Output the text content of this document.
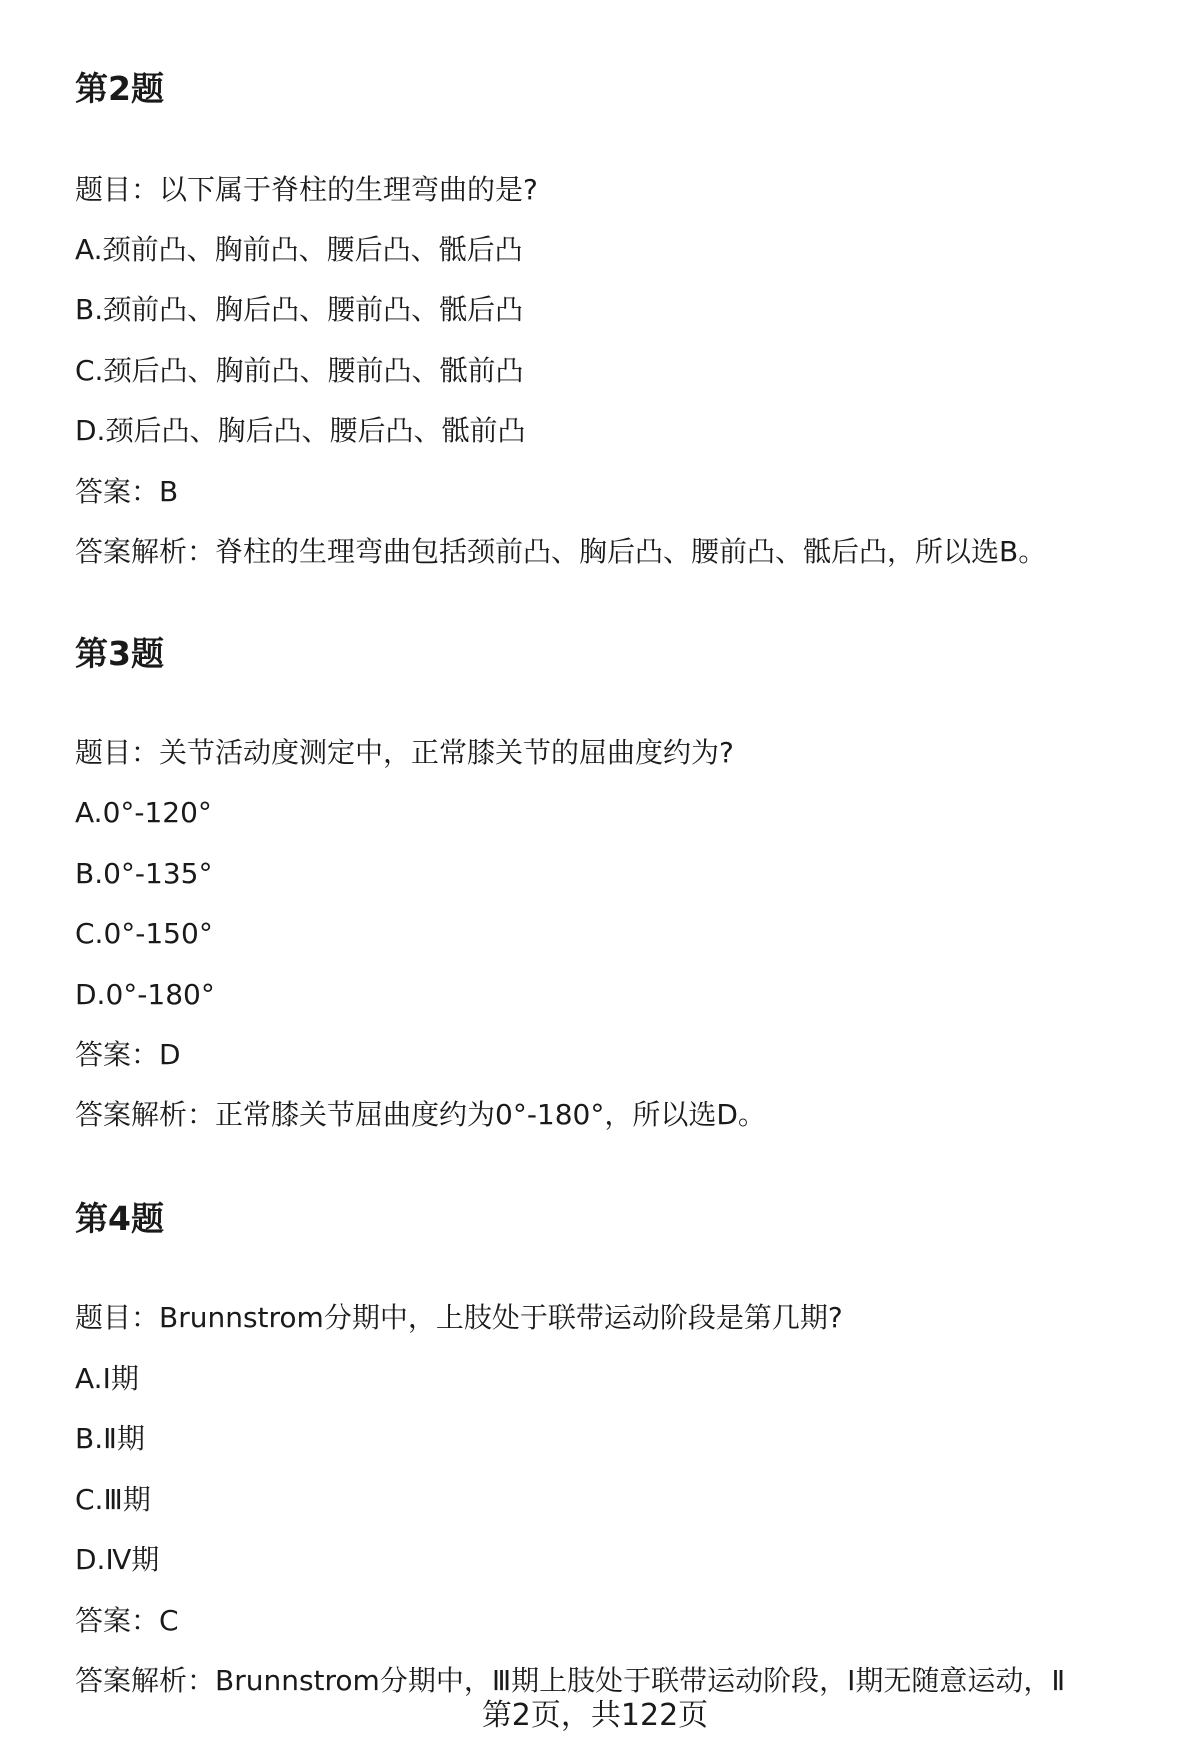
第2题
题目：以下属于脊柱的生理弯曲的是?
A.颈前凸、胸前凸、腰后凸、骶后凸
B.颈前凸、胸后凸、腰前凸、骶后凸
C.颈后凸、胸前凸、腰前凸、骶前凸
D.颈后凸、胸后凸、腰后凸、骶前凸
答案：B
答案解析：脊柱的生理弯曲包括颈前凸、胸后凸、腰前凸、骶后凸，所以选B。
第3题
题目：关节活动度测定中，正常膝关节的屈曲度约为?
A.0°-120°
B.0°-135°
C.0°-150°
D.0°-180°
答案：D
答案解析：正常膝关节屈曲度约为0°-180°，所以选D。
第4题
题目：Brunnstrom分期中，上肢处于联带运动阶段是第几期?
A.Ⅰ期
B.Ⅱ期
C.Ⅲ期
D.Ⅳ期
答案：C
答案解析：Brunnstrom分期中，Ⅲ期上肢处于联带运动阶段，Ⅰ期无随意运动，Ⅱ
第2页，共122页
